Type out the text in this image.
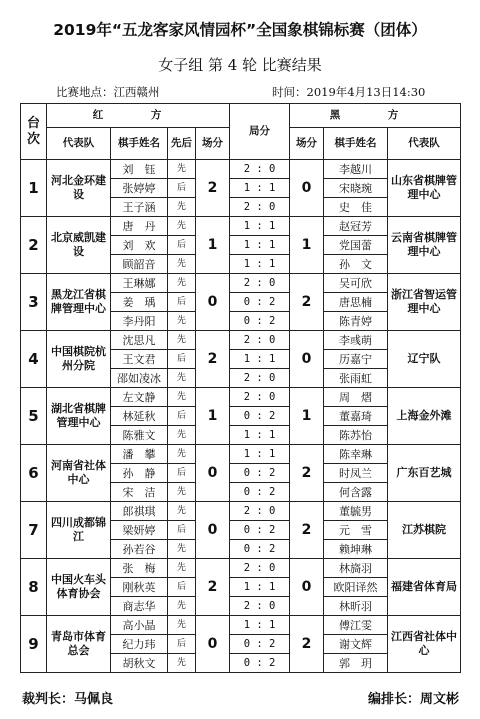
2019年“五龙客家风情园杯”全国象棋锦标赛（团体）
女子组 第 4 轮 比赛结果
比赛地点：江西赣州	时间：2019年4月13日14:30
台次	红 方				局分	黑 方		
	代表队	棋手姓名	先后	场分		场分	棋手姓名	代表队
1	河北金环建设	刘　钰	先	2	2 : 0	0	李越川	山东省棋牌管理中心
		张婷婷	后		1 : 1		宋晓琬	
		王子涵	先		2 : 0		史　佳	
2	北京威凯建设	唐　丹	先	1	1 : 1	1	赵冠芳	云南省棋牌管理中心
		刘　欢	后		1 : 1		党国蕾	
		顾韶音	先		1 : 1		孙　文	
3	黑龙江省棋牌管理中心	王琳娜	先	0	2 : 0	2	吴可欣	浙江省智运管理中心
		姜　瑀	后		0 : 2		唐思楠	
		李丹阳	先		0 : 2		陈青婷	
4	中国棋院杭州分院	沈思凡	先	2	2 : 0	0	李彧萌	辽宁队
		王文君	后		1 : 1		历嘉宁	
		邵如凌冰	先		2 : 0		张雨虹	
5	湖北省棋牌管理中心	左文静	先	1	2 : 0	1	周　熠	上海金外滩
		林延秋	后		0 : 2		董嘉琦	
		陈雅文	先		1 : 1		陈苏怡	
6	河南省社体中心	潘　攀	先	0	1 : 1	2	陈幸琳	广东百艺城
		孙　静	后		0 : 2		时凤兰	
		宋　洁	先		0 : 2		何含露	
7	四川成都锦江	郎祺琪	先	0	2 : 0	2	董毓男	江苏棋院
		梁妍婷	后		0 : 2		元　雪	
		孙若谷	先		0 : 2		赖坤琳	
8	中国火车头体育协会	张　梅	先	2	2 : 0	0	林旖羽	福建省体育局
		刚秋英	后		1 : 1		欧阳译然	
		商志华	先		2 : 0		林昕羽	
9	青岛市体育总会	高小晶	先	0	1 : 1	2	傅江雯	江西省社体中心
		纪力玮	后		0 : 2		谢文辉	
		胡秋文	先		0 : 2		郭　玥	
裁判长：马佩良	编排长：周文彬
